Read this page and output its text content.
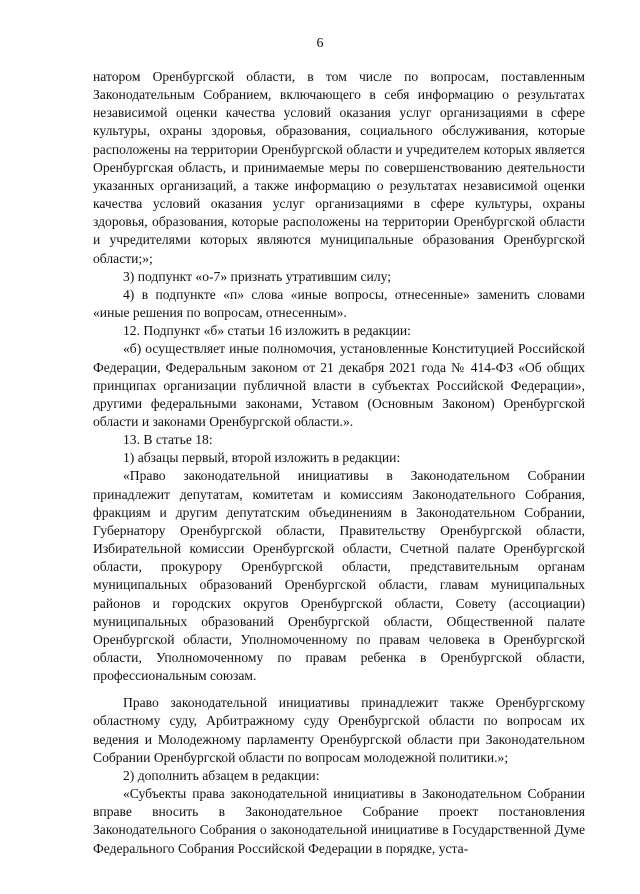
6

натором Оренбургской области, в том числе по вопросам, поставленным Законодательным Собранием, включающего в себя информацию о результатах независимой оценки качества условий оказания услуг организациями в сфере культуры, охраны здоровья, образования, социального обслуживания, которые расположены на территории Оренбургской области и учредителем которых является Оренбургская область, и принимаемые меры по совершенствованию деятельности указанных организаций, а также информацию о результатах независимой оценки качества условий оказания услуг организациями в сфере культуры, охраны здоровья, образования, которые расположены на территории Оренбургской области и учредителями которых являются муниципальные образования Оренбургской области;»;

3) подпункт «о-7» признать утратившим силу;

4) в подпункте «п» слова «иные вопросы, отнесенные» заменить словами «иные решения по вопросам, отнесенным».

12. Подпункт «б» статьи 16 изложить в редакции:

«б) осуществляет иные полномочия, установленные Конституцией Российской Федерации, Федеральным законом от 21 декабря 2021 года № 414-ФЗ «Об общих принципах организации публичной власти в субъектах Российской Федерации», другими федеральными законами, Уставом (Основным Законом) Оренбургской области и законами Оренбургской области.».

13. В статье 18:

1) абзацы первый, второй изложить в редакции:

«Право законодательной инициативы в Законодательном Собрании принадлежит депутатам, комитетам и комиссиям Законодательного Собрания, фракциям и другим депутатским объединениям в Законодательном Собрании, Губернатору Оренбургской области, Правительству Оренбургской области, Избирательной комиссии Оренбургской области, Счетной палате Оренбургской области, прокурору Оренбургской области, представительным органам муниципальных образований Оренбургской области, главам муниципальных районов и городских округов Оренбургской области, Совету (ассоциации) муниципальных образований Оренбургской области, Общественной палате Оренбургской области, Уполномоченному по правам человека в Оренбургской области, Уполномоченному по правам ребенка в Оренбургской области, профессиональным союзам.

Право законодательной инициативы принадлежит также Оренбургскому областному суду, Арбитражному суду Оренбургской области по вопросам их ведения и Молодежному парламенту Оренбургской области при Законодательном Собрании Оренбургской области по вопросам молодежной политики.»;

2) дополнить абзацем в редакции:

«Субъекты права законодательной инициативы в Законодательном Собрании вправе вносить в Законодательное Собрание проект постановления Законодательного Собрания о законодательной инициативе в Государственной Думе Федерального Собрания Российской Федерации в порядке, уста-
